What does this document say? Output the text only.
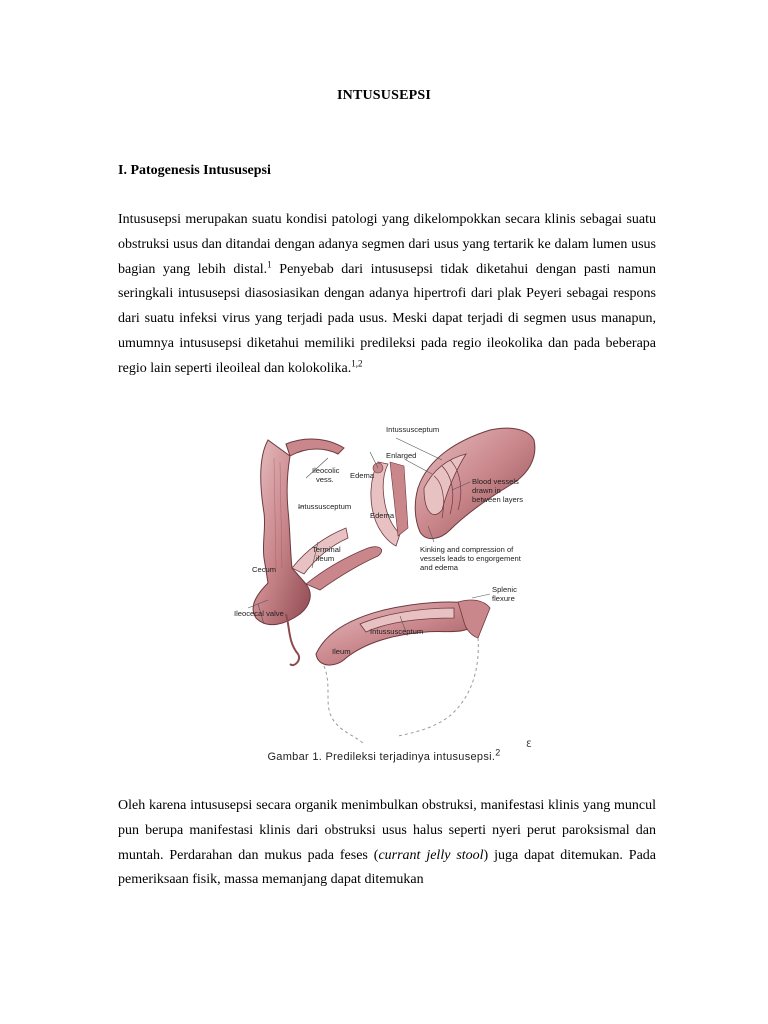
INTUSUSEPSI
I. Patogenesis Intususepsi

Intususepsi merupakan suatu kondisi patologi yang dikelompokkan secara klinis sebagai suatu obstruksi usus dan ditandai dengan adanya segmen dari usus yang tertarik ke dalam lumen usus bagian yang lebih distal.$^1$ Penyebab dari intususepsi tidak diketahui dengan pasti namun seringkali intususepsi diasosiasikan dengan adanya hipertrofi dari plak Peyeri sebagai respons dari suatu infeksi virus yang terjadi pada usus. Meski dapat terjadi di segmen usus manapun, umumnya intususepsi diketahui memiliki predileksi pada regio ileokolika dan pada beberapa regio lain seperti ileoileal dan kolokolika.$^{1,2}$

Intussusceptum
Enlarged
Ileocolic
vess. Edema
Blood vessels
drawn in
between layers
Intussusceptum
Edema
Terminal
ileum
Kinking and compression of
vessels leads to engorgement
and edema
Cecum
Splenic
flexure
Ileocecal valve
Intussusceptum
Ileum
Ɛ
Gambar 1. Predileksi terjadinya intususepsi.$^2$

Oleh karena intususepsi secara organik menimbulkan obstruksi, manifestasi klinis yang muncul pun berupa manifestasi klinis dari obstruksi usus halus seperti nyeri perut paroksismal dan muntah. Perdarahan dan mukus pada feses (currant jelly stool) juga dapat ditemukan. Pada pemeriksaan fisik, massa memanjang dapat ditemukan
